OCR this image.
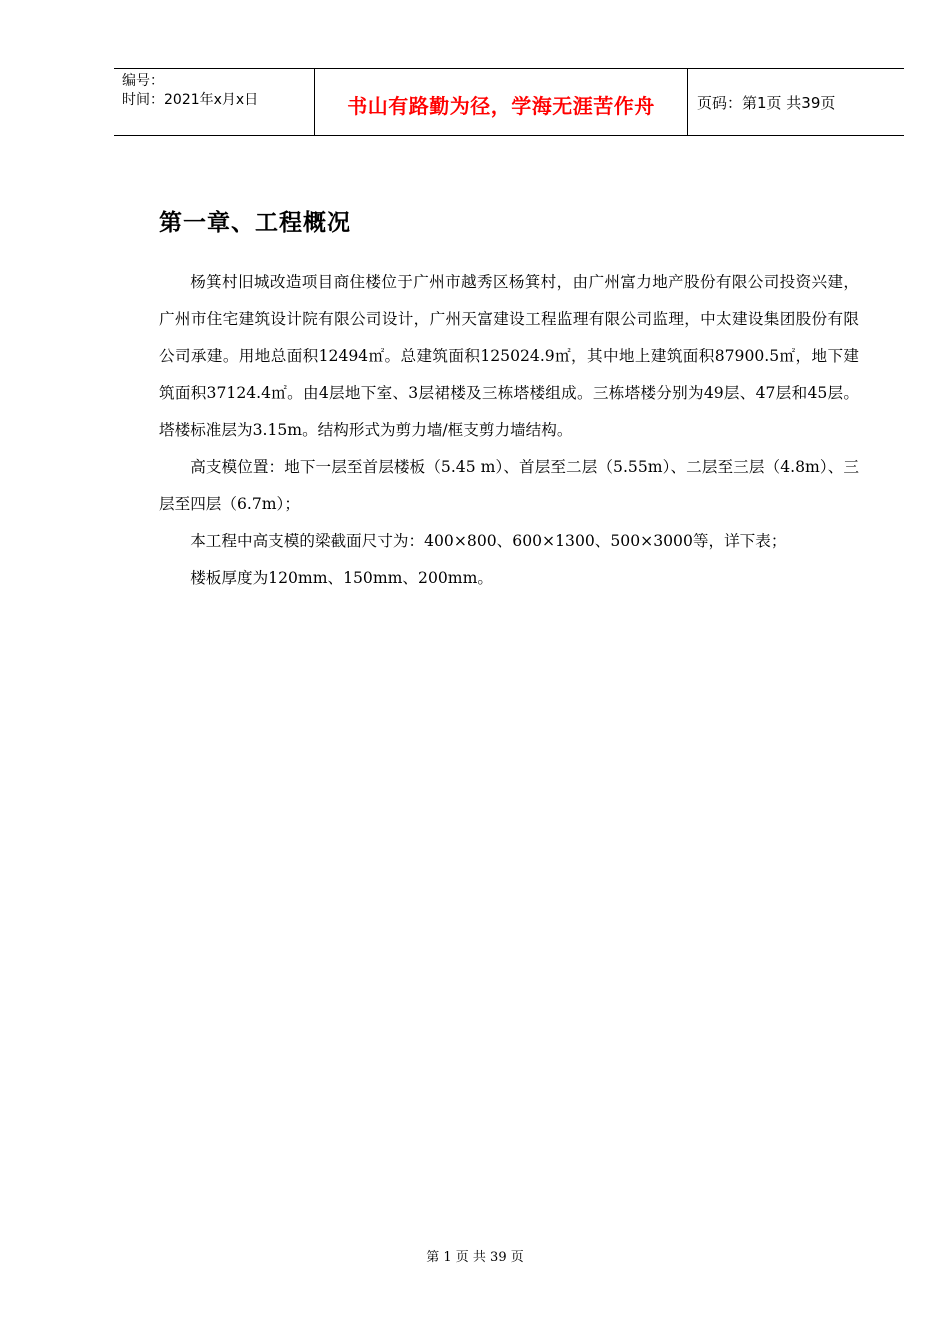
编号：
时间：2021年x月x日	书山有路勤为径，学海无涯苦作舟	页码：第1页 共39页
第一章、工程概况

杨箕村旧城改造项目商住楼位于广州市越秀区杨箕村，由广州富力地产股份有限公司投资兴建，广州市住宅建筑设计院有限公司设计，广州天富建设工程监理有限公司监理，中太建设集团股份有限公司承建。用地总面积12494㎡。总建筑面积125024.9㎡，其中地上建筑面积87900.5㎡，地下建筑面积37124.4㎡。由4层地下室、3层裙楼及三栋塔楼组成。三栋塔楼分别为49层、47层和45层。塔楼标准层为3.15m。结构形式为剪力墙/框支剪力墙结构。

高支模位置：地下一层至首层楼板（5.45 m）、首层至二层（5.55m）、二层至三层（4.8m）、三层至四层（6.7m）；

本工程中高支模的梁截面尺寸为：400×800、600×1300、500×3000等，详下表；

楼板厚度为120mm、150mm、200mm。

第 1 页 共 39 页
